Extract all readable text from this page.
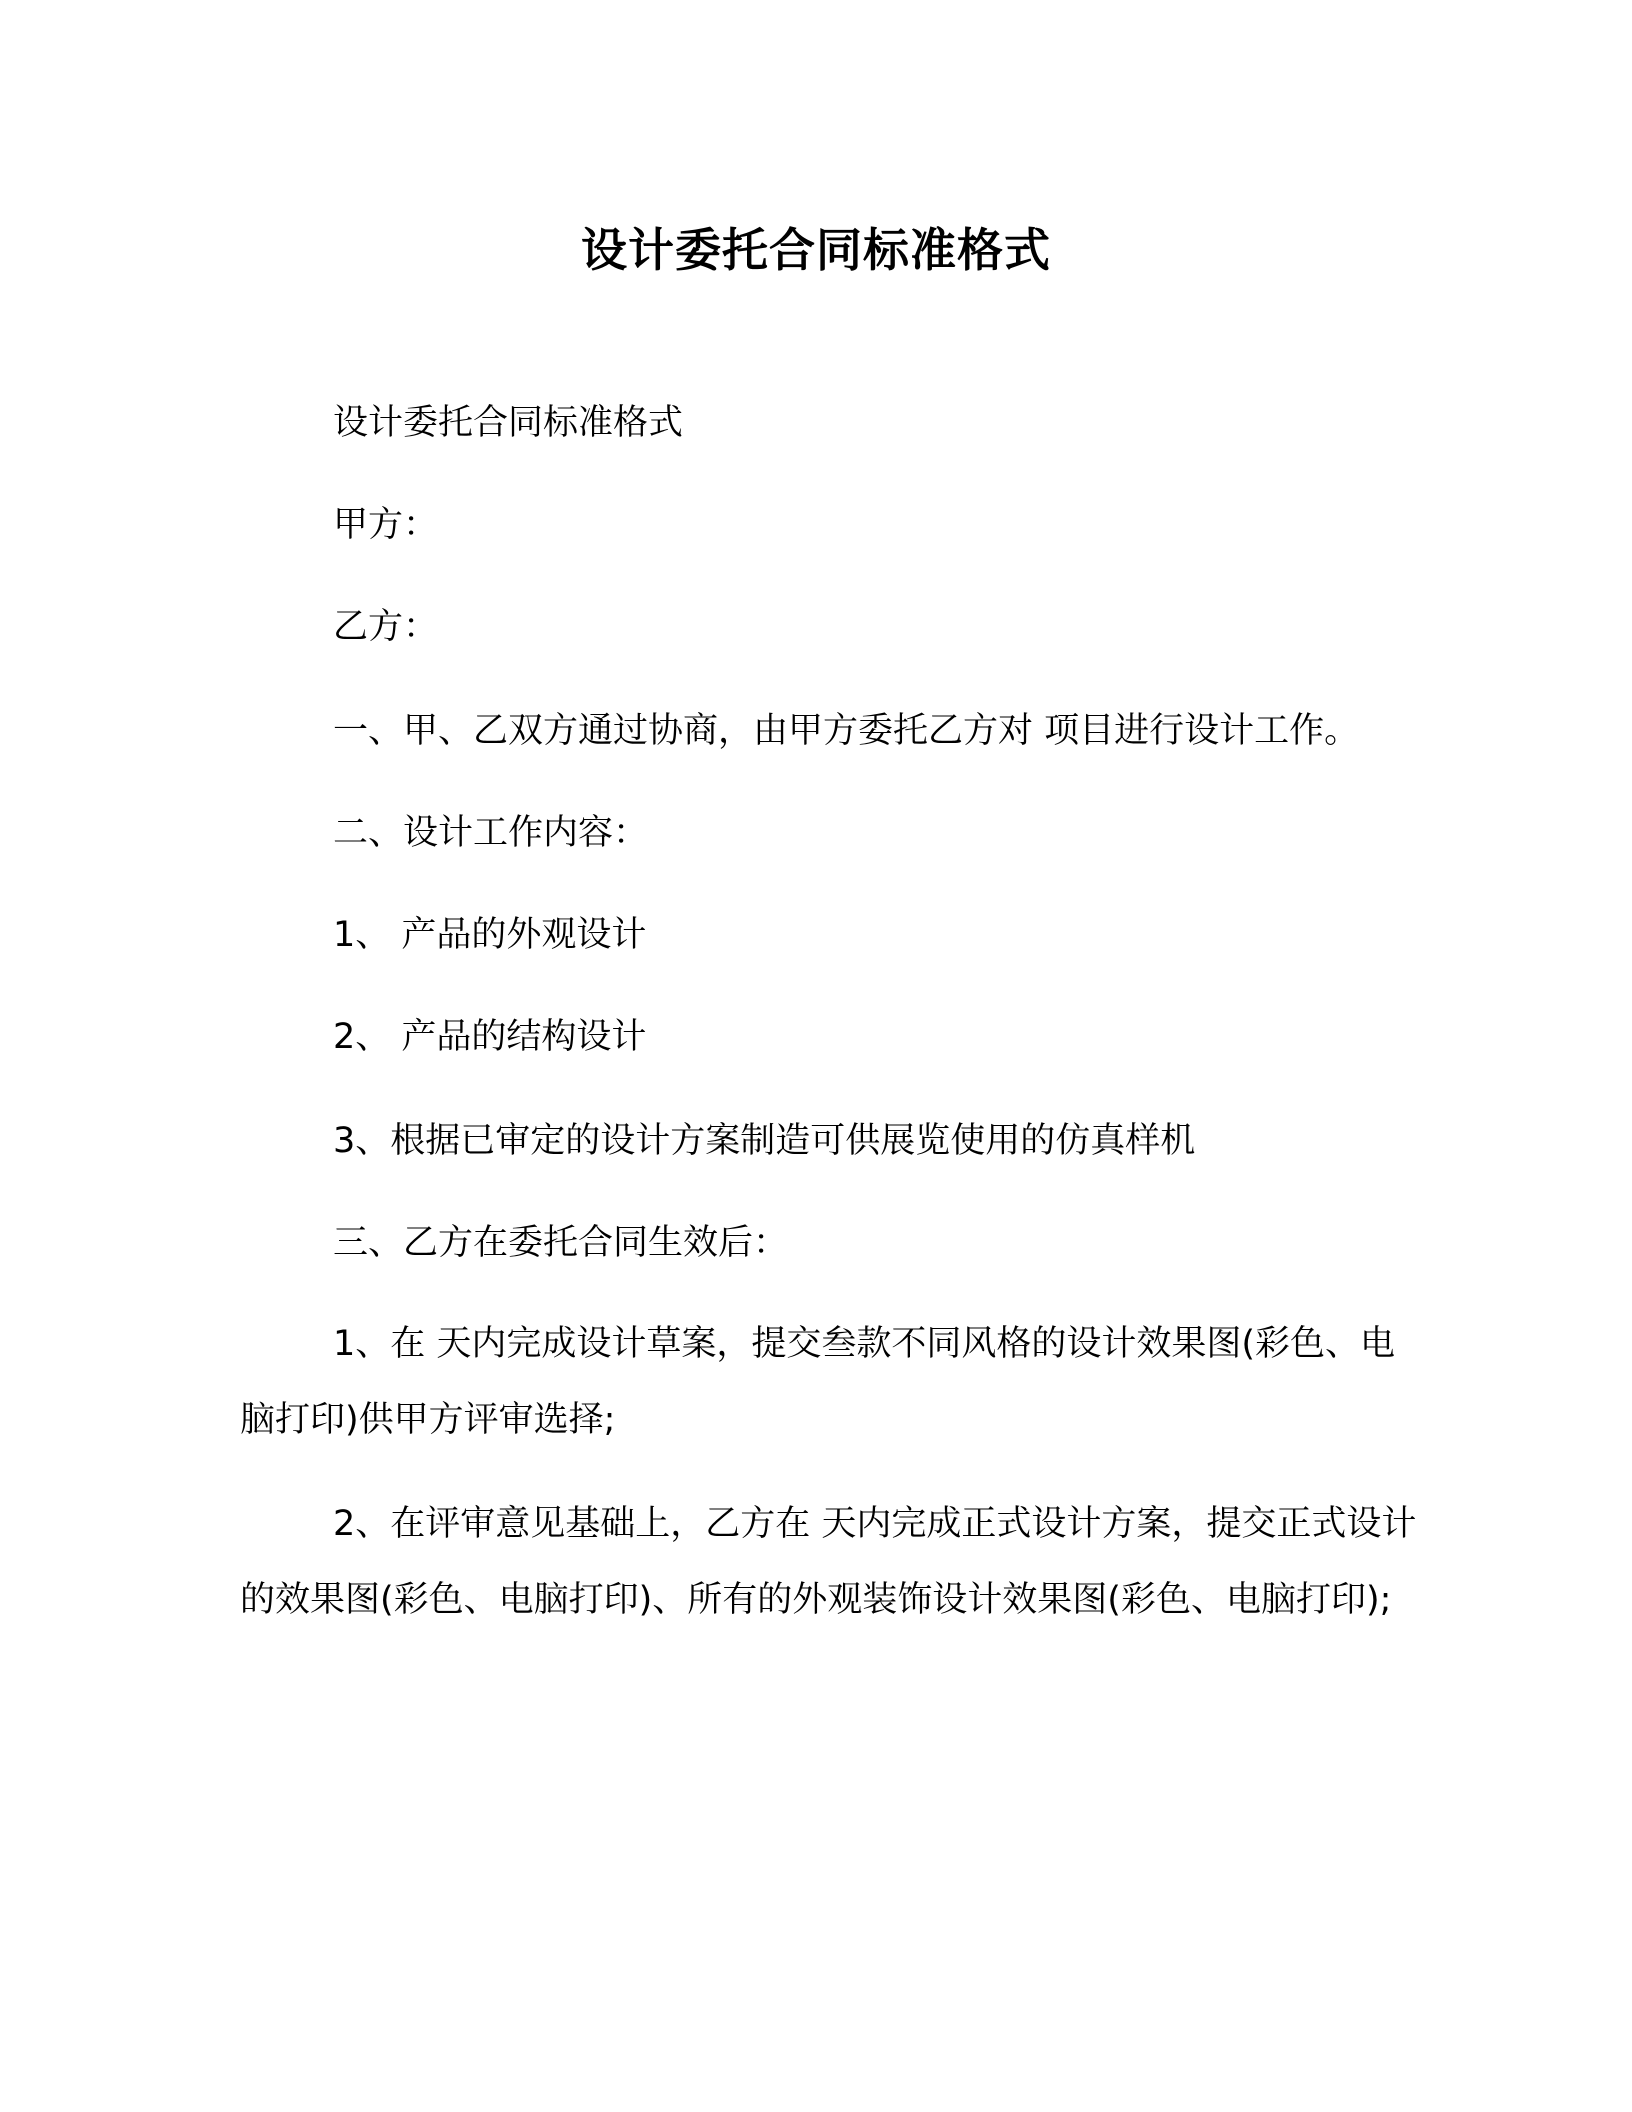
设计委托合同标准格式
设计委托合同标准格式
甲方：
乙方：
一、甲、乙双方通过协商，由甲方委托乙方对 项目进行设计工作。
二、设计工作内容：
1、 产品的外观设计
2、 产品的结构设计
3、根据已审定的设计方案制造可供展览使用的仿真样机
三、乙方在委托合同生效后：
1、在 天内完成设计草案，提交叁款不同风格的设计效果图(彩色、电脑打印)供甲方评审选择;
2、在评审意见基础上，乙方在 天内完成正式设计方案，提交正式设计的效果图(彩色、电脑打印)、所有的外观装饰设计效果图(彩色、电脑打印);
